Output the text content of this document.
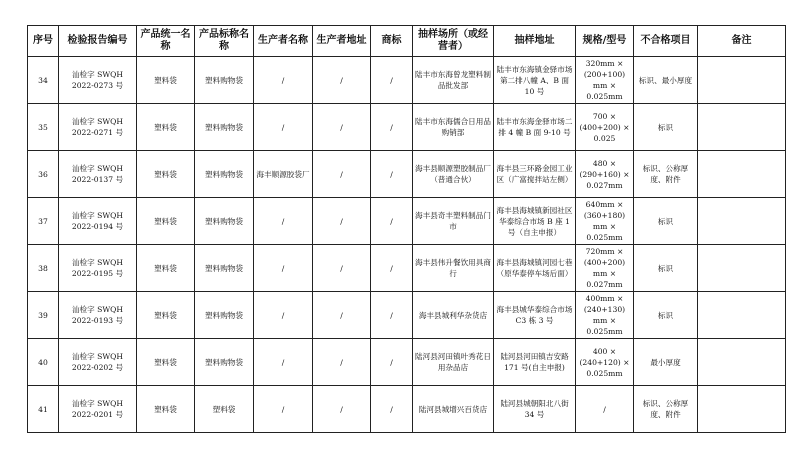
序号	检验报告编号	产品统一名称	产品标称名称	生产者名称	生产者地址	商标	抽样场所（或经营者）	抽样地址	规格/型号	不合格项目	备注
34	汕检字 SWQH 2022-0273 号	塑料袋	塑料购物袋	/	/	/	陆丰市东海曾龙塑料制品批发部	陆丰市东海镇金驿市场第二排八幢 A、B 面 10 号	320mm × (200+100) mm × 0.025mm	标识、最小厚度	
35	汕检字 SWQH 2022-0271 号	塑料袋	塑料购物袋	/	/	/	陆丰市东海儒合日用品购销部	陆丰市东海金驿市场二排 4 幢 B 面 9-10 号	700 × (400+200) × 0.025	标识	
36	汕检字 SWQH 2022-0137 号	塑料袋	塑料购物袋	海丰顺源胶袋厂	/	/	海丰县顺源塑胶制品厂（普通合伙）	海丰县三环路金园工业区（广富搅拌站左侧）	480 × (290+160) × 0.027mm	标识、公称厚度、附件	
37	汕检字 SWQH 2022-0194 号	塑料袋	塑料购物袋	/	/	/	海丰县奇丰塑料制品门市	海丰县海城镇新园社区华泰综合市场 B 座 1 号（自主申报）	640mm × (360+180) mm × 0.025mm	标识	
38	汕检字 SWQH 2022-0195 号	塑料袋	塑料购物袋	/	/	/	海丰县伟升餐饮用具商行	海丰县海城镇河园七巷（原华泰停车场后面）	720mm × (400+200) mm × 0.027mm	标识	
39	汕检字 SWQH 2022-0193 号	塑料袋	塑料购物袋	/	/	/	海丰县城利华杂货店	海丰县城华泰综合市场 C3 栋 3 号	400mm × (240+130) mm × 0.025mm	标识	
40	汕检字 SWQH 2022-0202 号	塑料袋	塑料购物袋	/	/	/	陆河县河田镇叶秀花日用杂品店	陆河县河田镇吉安路 171 号(自主申报)	400 × (240+120) × 0.025mm	最小厚度	
41	汕检字 SWQH 2022-0201 号	塑料袋	塑料袋	/	/	/	陆河县城增兴百货店	陆河县城朝阳北八街 34 号	/	标识、公称厚度、附件	
